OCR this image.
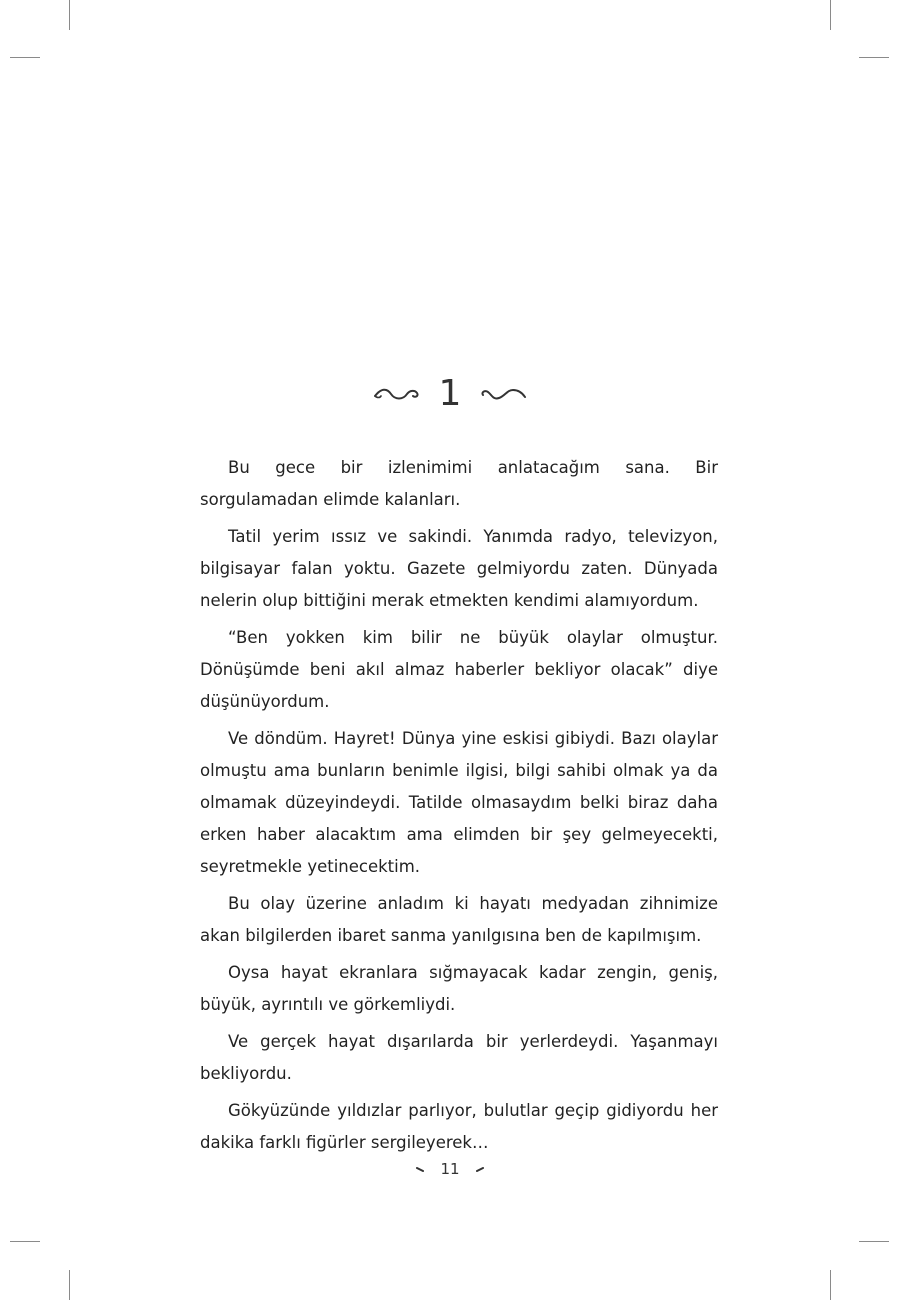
1

Bu gece bir izlenimimi anlatacağım sana. Bir sorgulamadan elimde kalanları.

Tatil yerim ıssız ve sakindi. Yanımda radyo, televizyon, bilgisayar falan yoktu. Gazete gelmiyordu zaten. Dünyada nelerin olup bittiğini merak etmekten kendimi alamıyordum.

“Ben yokken kim bilir ne büyük olaylar olmuştur. Dönüşümde beni akıl almaz haberler bekliyor olacak” diye düşünüyordum.

Ve döndüm. Hayret! Dünya yine eskisi gibiydi. Bazı olaylar olmuştu ama bunların benimle ilgisi, bilgi sahibi olmak ya da olmamak düzeyindeydi. Tatilde olmasaydım belki biraz daha erken haber alacaktım ama elimden bir şey gelmeyecekti, seyretmekle yetinecektim.

Bu olay üzerine anladım ki hayatı medyadan zihnimize akan bilgilerden ibaret sanma yanılgısına ben de kapılmışım.

Oysa hayat ekranlara sığmayacak kadar zengin, geniş, büyük, ayrıntılı ve görkemliydi.

Ve gerçek hayat dışarılarda bir yerlerdeydi. Yaşanmayı bekliyordu.

Gökyüzünde yıldızlar parlıyor, bulutlar geçip gidiyordu her dakika farklı figürler sergileyerek…

11
